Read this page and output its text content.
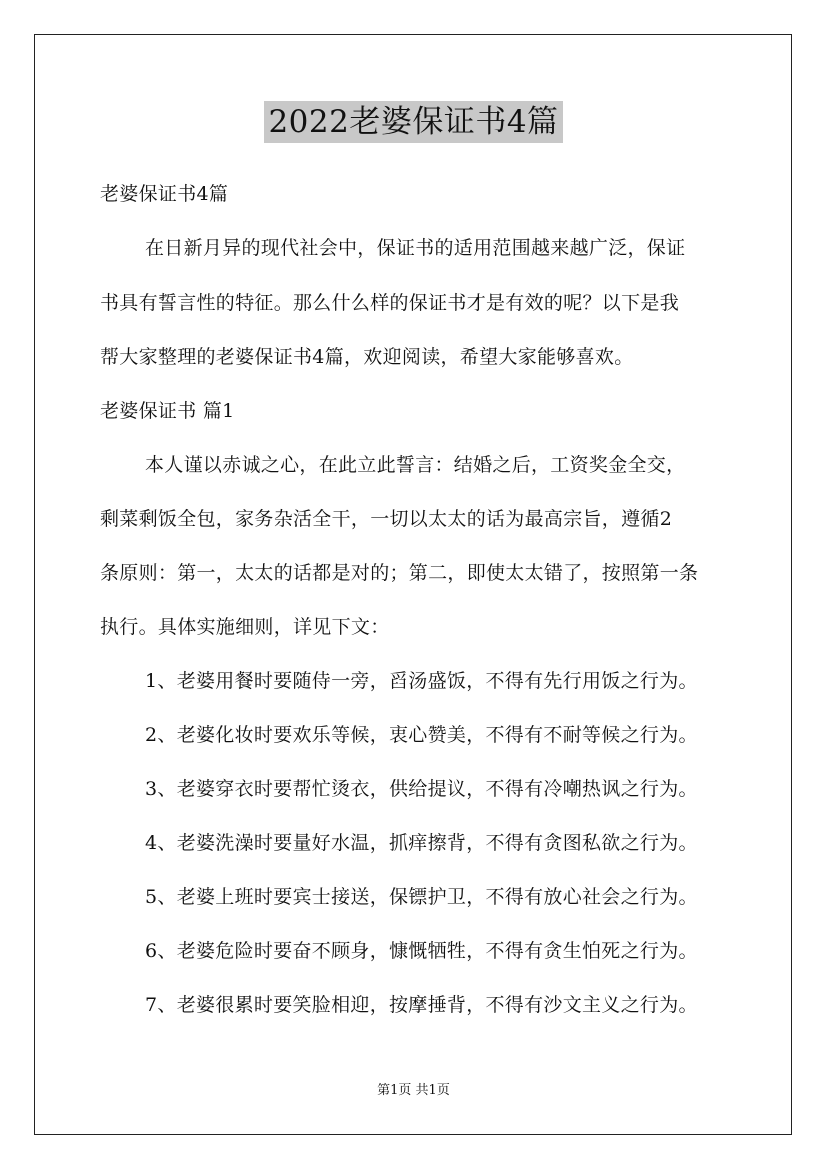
2022老婆保证书4篇
老婆保证书4篇
在日新月异的现代社会中，保证书的适用范围越来越广泛，保证
书具有誓言性的特征。那么什么样的保证书才是有效的呢？以下是我
帮大家整理的老婆保证书4篇，欢迎阅读，希望大家能够喜欢。
老婆保证书 篇1
本人谨以赤诚之心，在此立此誓言：结婚之后，工资奖金全交，
剩菜剩饭全包，家务杂活全干，一切以太太的话为最高宗旨，遵循2
条原则：第一，太太的话都是对的；第二，即使太太错了，按照第一条
执行。具体实施细则，详见下文：
1、老婆用餐时要随侍一旁，舀汤盛饭，不得有先行用饭之行为。
2、老婆化妆时要欢乐等候，衷心赞美，不得有不耐等候之行为。
3、老婆穿衣时要帮忙烫衣，供给提议，不得有冷嘲热讽之行为。
4、老婆洗澡时要量好水温，抓痒擦背，不得有贪图私欲之行为。
5、老婆上班时要宾士接送，保镖护卫，不得有放心社会之行为。
6、老婆危险时要奋不顾身，慷慨牺牲，不得有贪生怕死之行为。
7、老婆很累时要笑脸相迎，按摩捶背，不得有沙文主义之行为。
第1页 共1页
